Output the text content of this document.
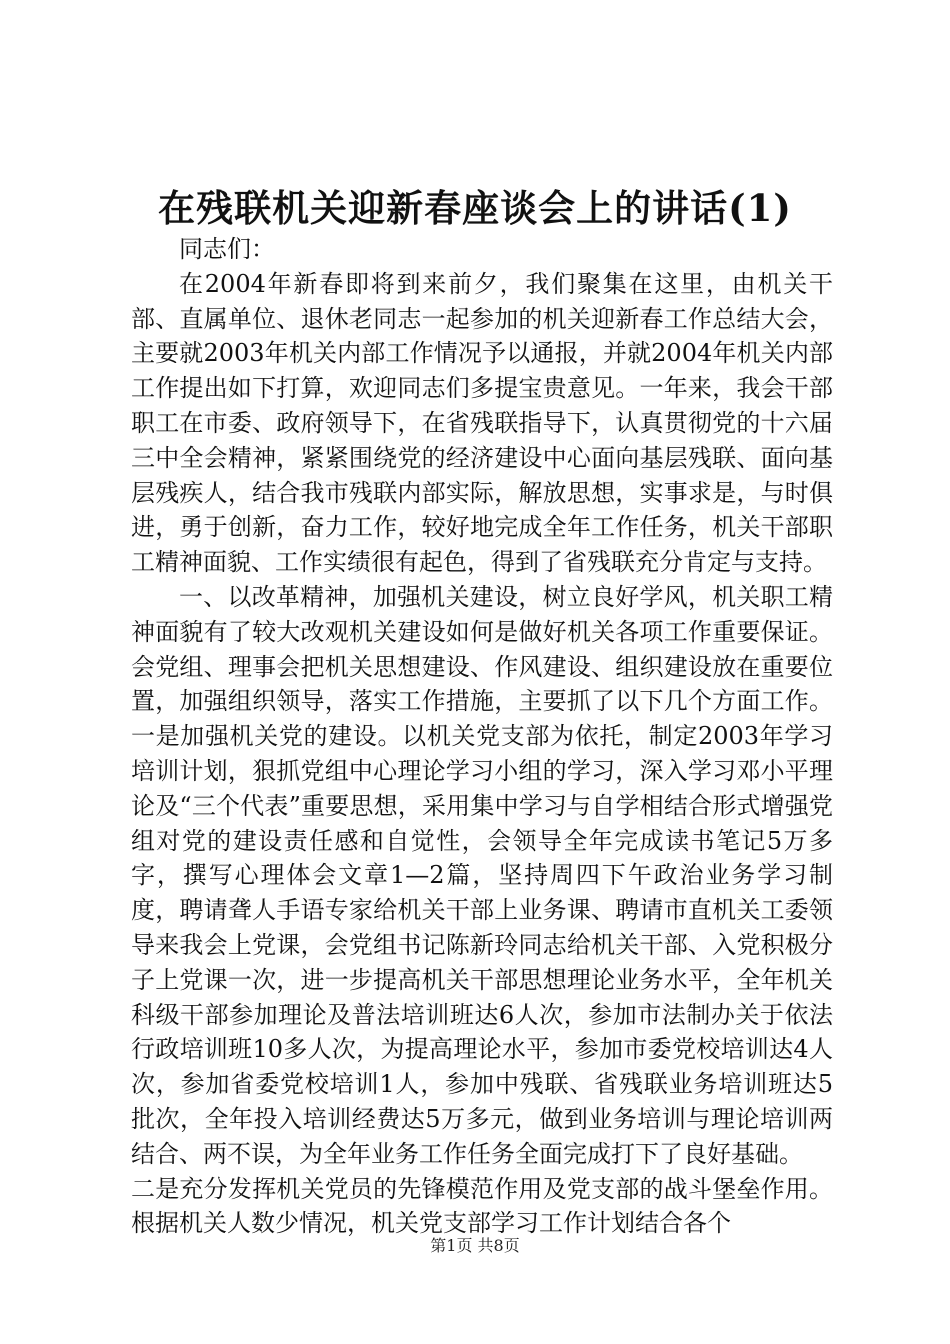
在残联机关迎新春座谈会上的讲话(1)

同志们：

在2004年新春即将到来前夕，我们聚集在这里，由机关干部、直属单位、退休老同志一起参加的机关迎新春工作总结大会，主要就2003年机关内部工作情况予以通报，并就2004年机关内部工作提出如下打算，欢迎同志们多提宝贵意见。一年来，我会干部职工在市委、政府领导下，在省残联指导下，认真贯彻党的十六届三中全会精神，紧紧围绕党的经济建设中心面向基层残联、面向基层残疾人，结合我市残联内部实际，解放思想，实事求是，与时俱进，勇于创新，奋力工作，较好地完成全年工作任务，机关干部职工精神面貌、工作实绩很有起色，得到了省残联充分肯定与支持。

一、以改革精神，加强机关建设，树立良好学风，机关职工精神面貌有了较大改观机关建设如何是做好机关各项工作重要保证。会党组、理事会把机关思想建设、作风建设、组织建设放在重要位置，加强组织领导，落实工作措施，主要抓了以下几个方面工作。一是加强机关党的建设。以机关党支部为依托，制定2003年学习培训计划，狠抓党组中心理论学习小组的学习，深入学习邓小平理论及“三个代表”重要思想，采用集中学习与自学相结合形式增强党组对党的建设责任感和自觉性，会领导全年完成读书笔记5万多字，撰写心理体会文章1—2篇，坚持周四下午政治业务学习制度，聘请聋人手语专家给机关干部上业务课、聘请市直机关工委领导来我会上党课，会党组书记陈新玲同志给机关干部、入党积极分子上党课一次，进一步提高机关干部思想理论业务水平，全年机关科级干部参加理论及普法培训班达6人次，参加市法制办关于依法行政培训班10多人次，为提高理论水平，参加市委党校培训达4人次，参加省委党校培训1人，参加中残联、省残联业务培训班达5批次，全年投入培训经费达5万多元，做到业务培训与理论培训两结合、两不误，为全年业务工作任务全面完成打下了良好基础。

二是充分发挥机关党员的先锋模范作用及党支部的战斗堡垒作用。根据机关人数少情况，机关党支部学习工作计划结合各个

第1页 共8页
